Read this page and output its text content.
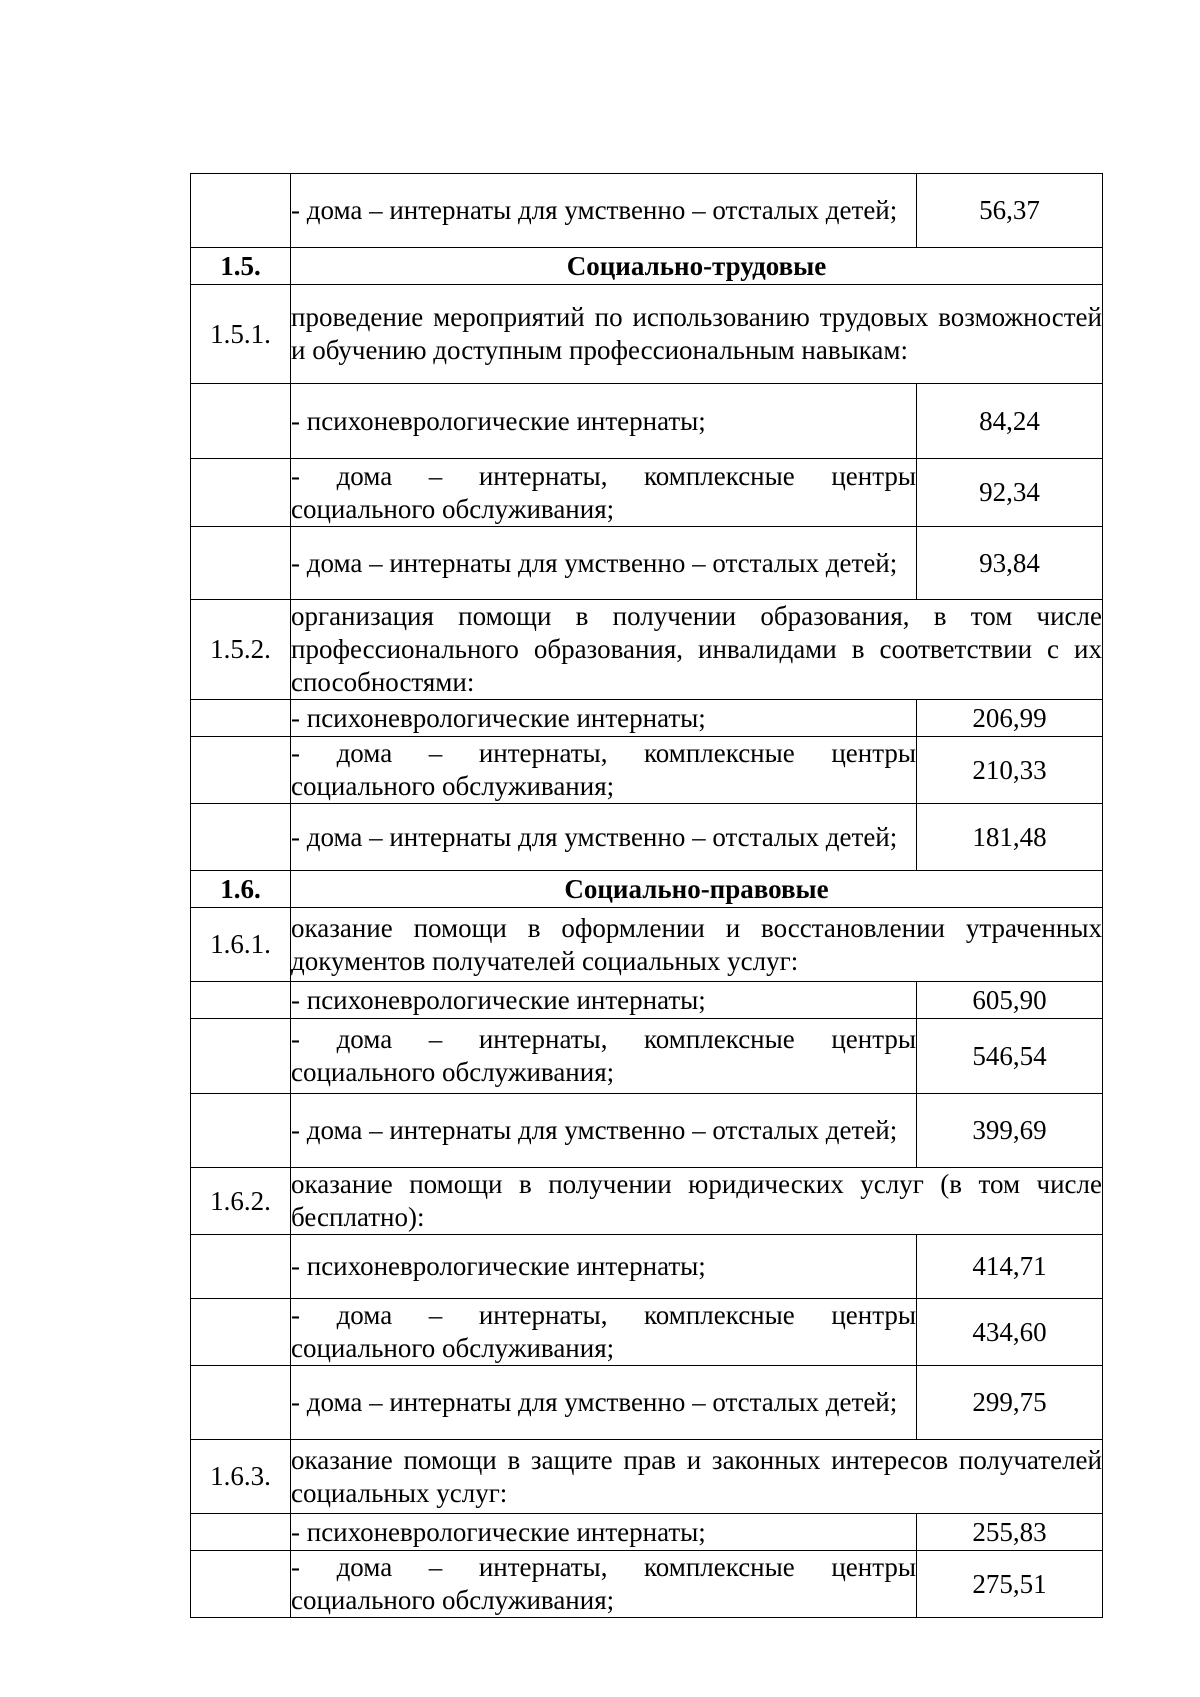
	- дома – интернаты для умственно – отсталых детей;	56,37
1.5.	Социально-трудовые	
1.5.1.	проведение мероприятий по использованию трудовых возможностей и обучению доступным профессиональным навыкам:	
	- психоневрологические интернаты;	84,24
	- дома – интернаты, комплексные центры социального обслуживания;	92,34
	- дома – интернаты для умственно – отсталых детей;	93,84
1.5.2.	организация помощи в получении образования, в том числе профессионального образования, инвалидами в соответствии с их способностями:	
	- психоневрологические интернаты;	206,99
	- дома – интернаты, комплексные центры социального обслуживания;	210,33
	- дома – интернаты для умственно – отсталых детей;	181,48
1.6.	Социально-правовые	
1.6.1.	оказание помощи в оформлении и восстановлении утраченных документов получателей социальных услуг:	
	- психоневрологические интернаты;	605,90
	- дома – интернаты, комплексные центры социального обслуживания;	546,54
	- дома – интернаты для умственно – отсталых детей;	399,69
1.6.2.	оказание помощи в получении юридических услуг (в том числе бесплатно):	
	- психоневрологические интернаты;	414,71
	- дома – интернаты, комплексные центры социального обслуживания;	434,60
	- дома – интернаты для умственно – отсталых детей;	299,75
1.6.3.	оказание помощи в защите прав и законных интересов получателей социальных услуг:	
	- психоневрологические интернаты;	255,83
	- дома – интернаты, комплексные центры социального обслуживания;	275,51
